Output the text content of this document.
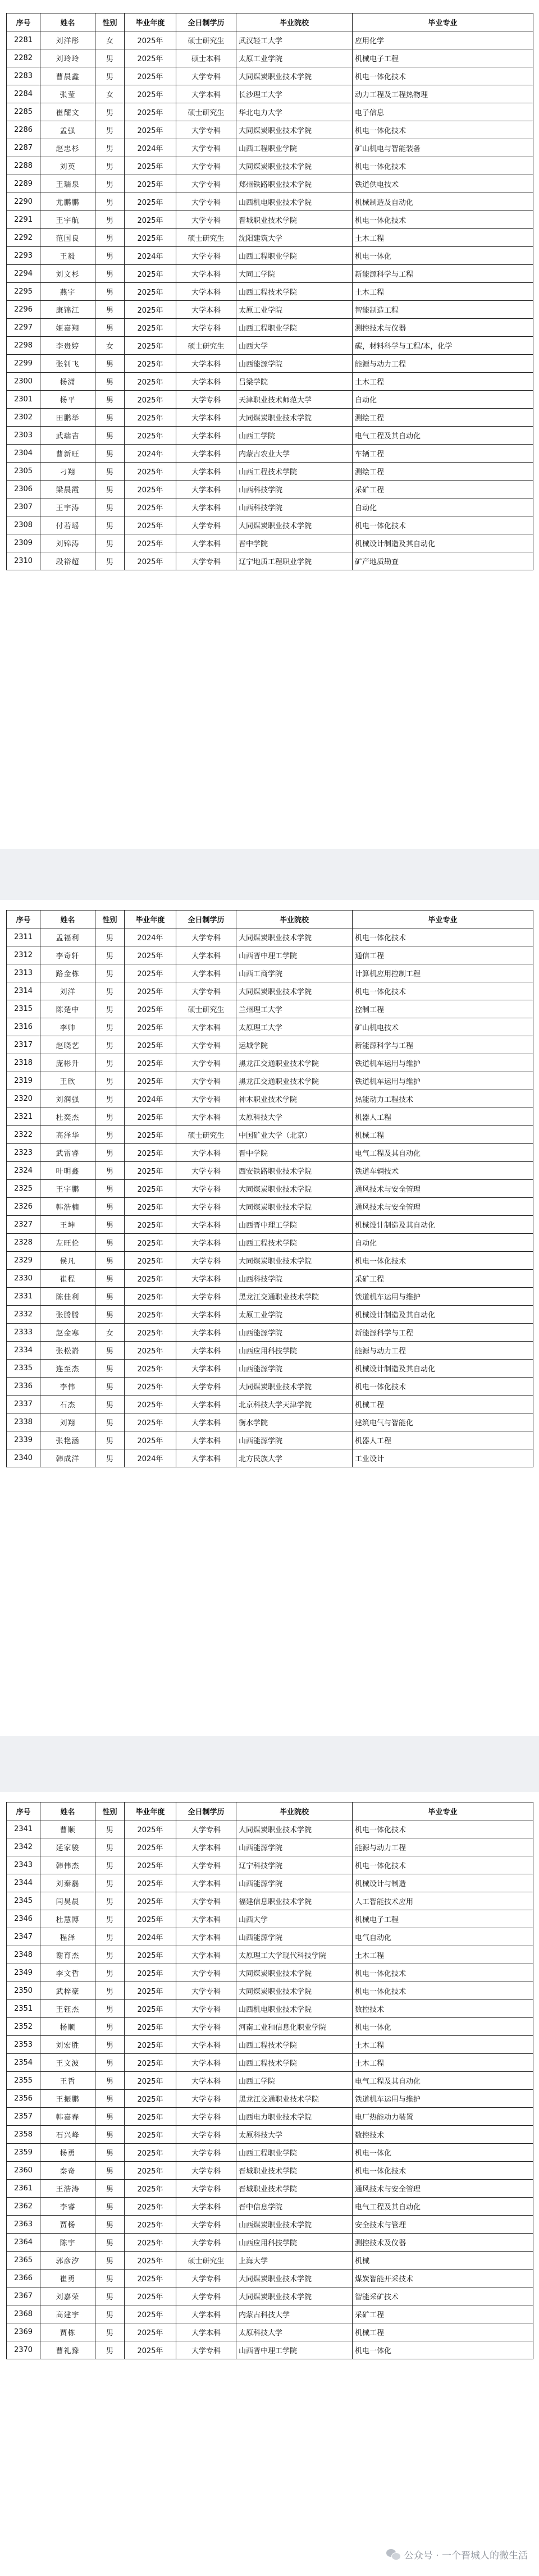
序号	姓名	性别	毕业年度	全日制学历	毕业院校	毕业专业
2281	刘洋彤	女	2025年	硕士研究生	武汉轻工大学	应用化学
2282	刘玲玲	男	2025年	硕士本科	太原工业学院	机械电子工程
2283	曹晨鑫	男	2025年	大学专科	大同煤炭职业技术学院	机电一体化技术
2284	张莹	女	2025年	大学本科	长沙理工大学	动力工程及工程热物理
2285	崔耀文	男	2025年	硕士研究生	华北电力大学	电子信息
2286	孟强	男	2025年	大学专科	大同煤炭职业技术学院	机电一体化技术
2287	赵忠杉	男	2024年	大学专科	山西工程职业学院	矿山机电与智能装备
2288	刘英	男	2025年	大学专科	大同煤炭职业技术学院	机电一体化技术
2289	王瑞泉	男	2025年	大学专科	郑州铁路职业技术学院	铁道供电技术
2290	尤鹏鹏	男	2025年	大学专科	山西机电职业技术学院	机械制造及自动化
2291	王宇航	男	2025年	大学专科	晋城职业技术学院	机电一体化技术
2292	范国良	男	2025年	硕士研究生	沈阳建筑大学	土木工程
2293	王毅	男	2024年	大学专科	山西工程职业学院	机电一体化
2294	刘文杉	男	2025年	大学本科	大同工学院	新能源科学与工程
2295	燕宇	男	2025年	大学本科	山西工程技术学院	土木工程
2296	康锦江	男	2025年	大学本科	太原工业学院	智能制造工程
2297	姬嘉翔	男	2025年	大学专科	山西工程职业学院	测控技术与仪器
2298	李贵婷	女	2025年	硕士研究生	山西大学	碳，材料科学与工程/本，化学
2299	张钊飞	男	2025年	大学本科	山西能源学院	能源与动力工程
2300	杨潇	男	2025年	大学本科	吕梁学院	土木工程
2301	杨平	男	2025年	大学专科	天津职业技术师范大学	自动化
2302	田鹏举	男	2025年	大学本科	大同煤炭职业技术学院	测绘工程
2303	武瑞吉	男	2025年	大学本科	山西工学院	电气工程及其自动化
2304	曹新旺	男	2024年	大学本科	内蒙古农业大学	车辆工程
2305	刁翔	男	2025年	大学本科	山西工程技术学院	测绘工程
2306	梁晨霞	男	2025年	大学本科	山西科技学院	采矿工程
2307	王宇涛	男	2025年	大学本科	山西科技学院	自动化
2308	付若瑶	男	2025年	大学专科	大同煤炭职业技术学院	机电一体化技术
2309	刘锦涛	男	2025年	大学本科	晋中学院	机械设计制造及其自动化
2310	段裕超	男	2025年	大学专科	辽宁地质工程职业学院	矿产地质勘查
序号	姓名	性别	毕业年度	全日制学历	毕业院校	毕业专业
2311	孟福利	男	2024年	大学专科	大同煤炭职业技术学院	机电一体化技术
2312	李奇轩	男	2025年	大学本科	山西晋中理工学院	通信工程
2313	路金栋	男	2025年	大学本科	山西工商学院	计算机应用控制工程
2314	刘洋	男	2025年	大学专科	大同煤炭职业技术学院	机电一体化技术
2315	陈楚中	男	2025年	硕士研究生	兰州理工大学	控制工程
2316	李帅	男	2025年	大学本科	太原理工大学	矿山机电技术
2317	赵晓艺	男	2025年	大学专科	运城学院	新能源科学与工程
2318	庞彬升	男	2025年	大学专科	黑龙江交通职业技术学院	铁道机车运用与维护
2319	王欣	男	2025年	大学专科	黑龙江交通职业技术学院	铁道机车运用与维护
2320	刘润强	男	2024年	大学专科	神木职业技术学院	热能动力工程技术
2321	杜奕杰	男	2025年	大学本科	太原科技大学	机器人工程
2322	高泽华	男	2025年	硕士研究生	中国矿业大学（北京）	机械工程
2323	武雷睿	男	2025年	大学本科	晋中学院	电气工程及其自动化
2324	叶明鑫	男	2025年	大学专科	西安铁路职业技术学院	铁道车辆技术
2325	王宇鹏	男	2025年	大学专科	大同煤炭职业技术学院	通风技术与安全管理
2326	韩浩楠	男	2025年	大学专科	大同煤炭职业技术学院	通风技术与安全管理
2327	王坤	男	2025年	大学本科	山西晋中理工学院	机械设计制造及其自动化
2328	左旺伦	男	2025年	大学本科	山西工程技术学院	自动化
2329	侯凡	男	2025年	大学专科	大同煤炭职业技术学院	机电一体化技术
2330	崔程	男	2025年	大学本科	山西科技学院	采矿工程
2331	陈佳利	男	2025年	大学专科	黑龙江交通职业技术学院	铁道机车运用与维护
2332	张腾腾	男	2025年	大学本科	太原工业学院	机械设计制造及其自动化
2333	赵金寒	女	2025年	大学本科	山西能源学院	新能源科学与工程
2334	张松嵛	男	2025年	大学本科	山西应用科技学院	能源与动力工程
2335	连至杰	男	2025年	大学本科	山西能源学院	机械设计制造及其自动化
2336	李伟	男	2025年	大学专科	大同煤炭职业技术学院	机电一体化技术
2337	石杰	男	2025年	大学本科	北京科技大学天津学院	机械工程
2338	刘翔	男	2025年	大学本科	衡水学院	建筑电气与智能化
2339	张艳涵	男	2025年	大学本科	山西能源学院	机器人工程
2340	韩成洋	男	2024年	大学本科	北方民族大学	工业设计
序号	姓名	性别	毕业年度	全日制学历	毕业院校	毕业专业
2341	曹顺	男	2025年	大学专科	大同煤炭职业技术学院	机电一体化技术
2342	延家骏	男	2025年	大学本科	山西能源学院	能源与动力工程
2343	韩伟杰	男	2025年	大学专科	辽宁科技学院	机电一体化技术
2344	刘秦磊	男	2025年	大学本科	山西能源学院	机械设计与制造
2345	闫昊晨	男	2025年	大学专科	福建信息职业技术学院	人工智能技术应用
2346	杜慧博	男	2025年	大学本科	山西大学	机械电子工程
2347	程泽	男	2024年	大学本科	山西能源学院	电气自动化
2348	谢育杰	男	2025年	大学本科	太原理工大学现代科技学院	土木工程
2349	李文哲	男	2025年	大学专科	大同煤炭职业技术学院	机电一体化技术
2350	武梓豪	男	2025年	大学专科	大同煤炭职业技术学院	机电一体化技术
2351	王钰杰	男	2025年	大学专科	山西机电职业技术学院	数控技术
2352	杨顺	男	2025年	大学专科	河南工业和信息化职业学院	机电一体化
2353	刘宏胜	男	2025年	大学本科	山西工程技术学院	土木工程
2354	王文波	男	2025年	大学本科	山西工程技术学院	土木工程
2355	王哲	男	2025年	大学本科	山西工学院	电气工程及其自动化
2356	王振鹏	男	2025年	大学专科	黑龙江交通职业技术学院	铁道机车运用与维护
2357	韩嘉春	男	2025年	大学专科	山西电力职业技术学院	电厂热能动力装置
2358	石兴峰	男	2025年	大学专科	太原科技大学	数控技术
2359	杨勇	男	2025年	大学专科	山西工程职业学院	机电一体化
2360	秦奇	男	2025年	大学专科	晋城职业技术学院	机电一体化技术
2361	王浩涛	男	2025年	大学专科	晋城职业技术学院	通风技术与安全管理
2362	李睿	男	2025年	大学本科	晋中信息学院	电气工程及其自动化
2363	贾杨	男	2025年	大学专科	山西煤炭职业技术学院	安全技术与管理
2364	陈宇	男	2025年	大学专科	山西应用科技学院	测控技术及仪器
2365	郭彦汐	男	2025年	硕士研究生	上海大学	机械
2366	崔勇	男	2025年	大学专科	大同煤炭职业技术学院	煤炭智能开采技术
2367	刘嘉荣	男	2025年	大学专科	大同煤炭职业技术学院	智能采矿技术
2368	高建宇	男	2025年	大学本科	内蒙古科技大学	采矿工程
2369	贾栋	男	2025年	大学本科	太原科技大学	机械工程
2370	曹礼豫	男	2025年	大学专科	山西晋中理工学院	机电一体化
公众号 · 一个晋城人的微生活
